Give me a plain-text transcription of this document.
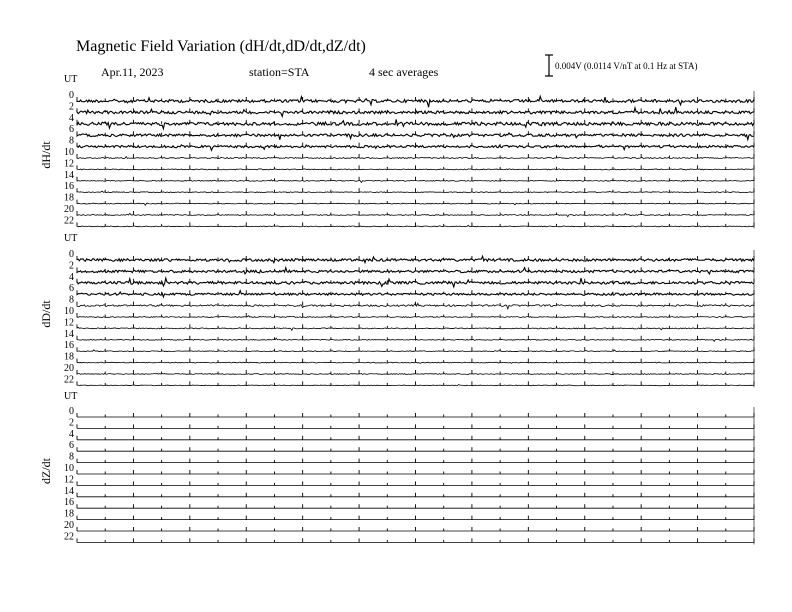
Magnetic Field Variation (dH/dt,dD/dt,dZ/dt)
Apr.11, 2023	station=STA	4 sec averages	0.004V (0.0114 V/nT at 0.1 Hz at STA)
UT
dH/dt
0
2
4
6
8
10
12
14
16
18
20
22
UT
dD/dt
0
2
4
6
8
10
12
14
16
18
20
22
UT
dZ/dt
0
2
4
6
8
10
12
14
16
18
20
22
